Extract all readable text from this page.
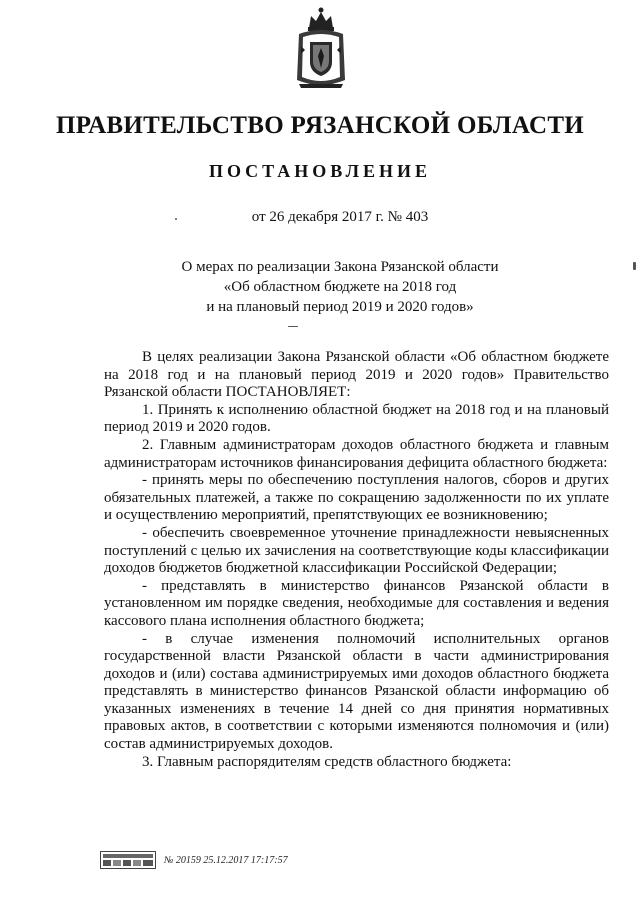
ПРАВИТЕЛЬСТВО РЯЗАНСКОЙ ОБЛАСТИ
ПОСТАНОВЛЕНИЕ
от 26 декабря 2017 г. № 403
О мерах по реализации Закона Рязанской области
«Об областном бюджете на 2018 год
и на плановый период 2019 и 2020 годов»

В целях реализации Закона Рязанской области «Об областном бюджете на 2018 год и на плановый период 2019 и 2020 годов» Правительство Рязанской области ПОСТАНОВЛЯЕТ:

1. Принять к исполнению областной бюджет на 2018 год и на плановый период 2019 и 2020 годов.

2. Главным администраторам доходов областного бюджета и главным администраторам источников финансирования дефицита областного бюджета:

- принять меры по обеспечению поступления налогов, сборов и других обязательных платежей, а также по сокращению задолженности по их уплате и осуществлению мероприятий, препятствующих ее возникновению;

- обеспечить своевременное уточнение принадлежности невыясненных поступлений с целью их зачисления на соответствующие коды классификации доходов бюджетов бюджетной классификации Российской Федерации;

- представлять в министерство финансов Рязанской области в установленном им порядке сведения, необходимые для составления и ведения кассового плана исполнения областного бюджета;

- в случае изменения полномочий исполнительных органов государственной власти Рязанской области в части администрирования доходов и (или) состава администрируемых ими доходов областного бюджета представлять в министерство финансов Рязанской области информацию об указанных изменениях в течение 14 дней со дня принятия нормативных правовых актов, в соответствии с которыми изменяются полномочия и (или) состав администрируемых доходов.

3. Главным распорядителям средств областного бюджета:

№ 20159 25.12.2017 17:17:57
